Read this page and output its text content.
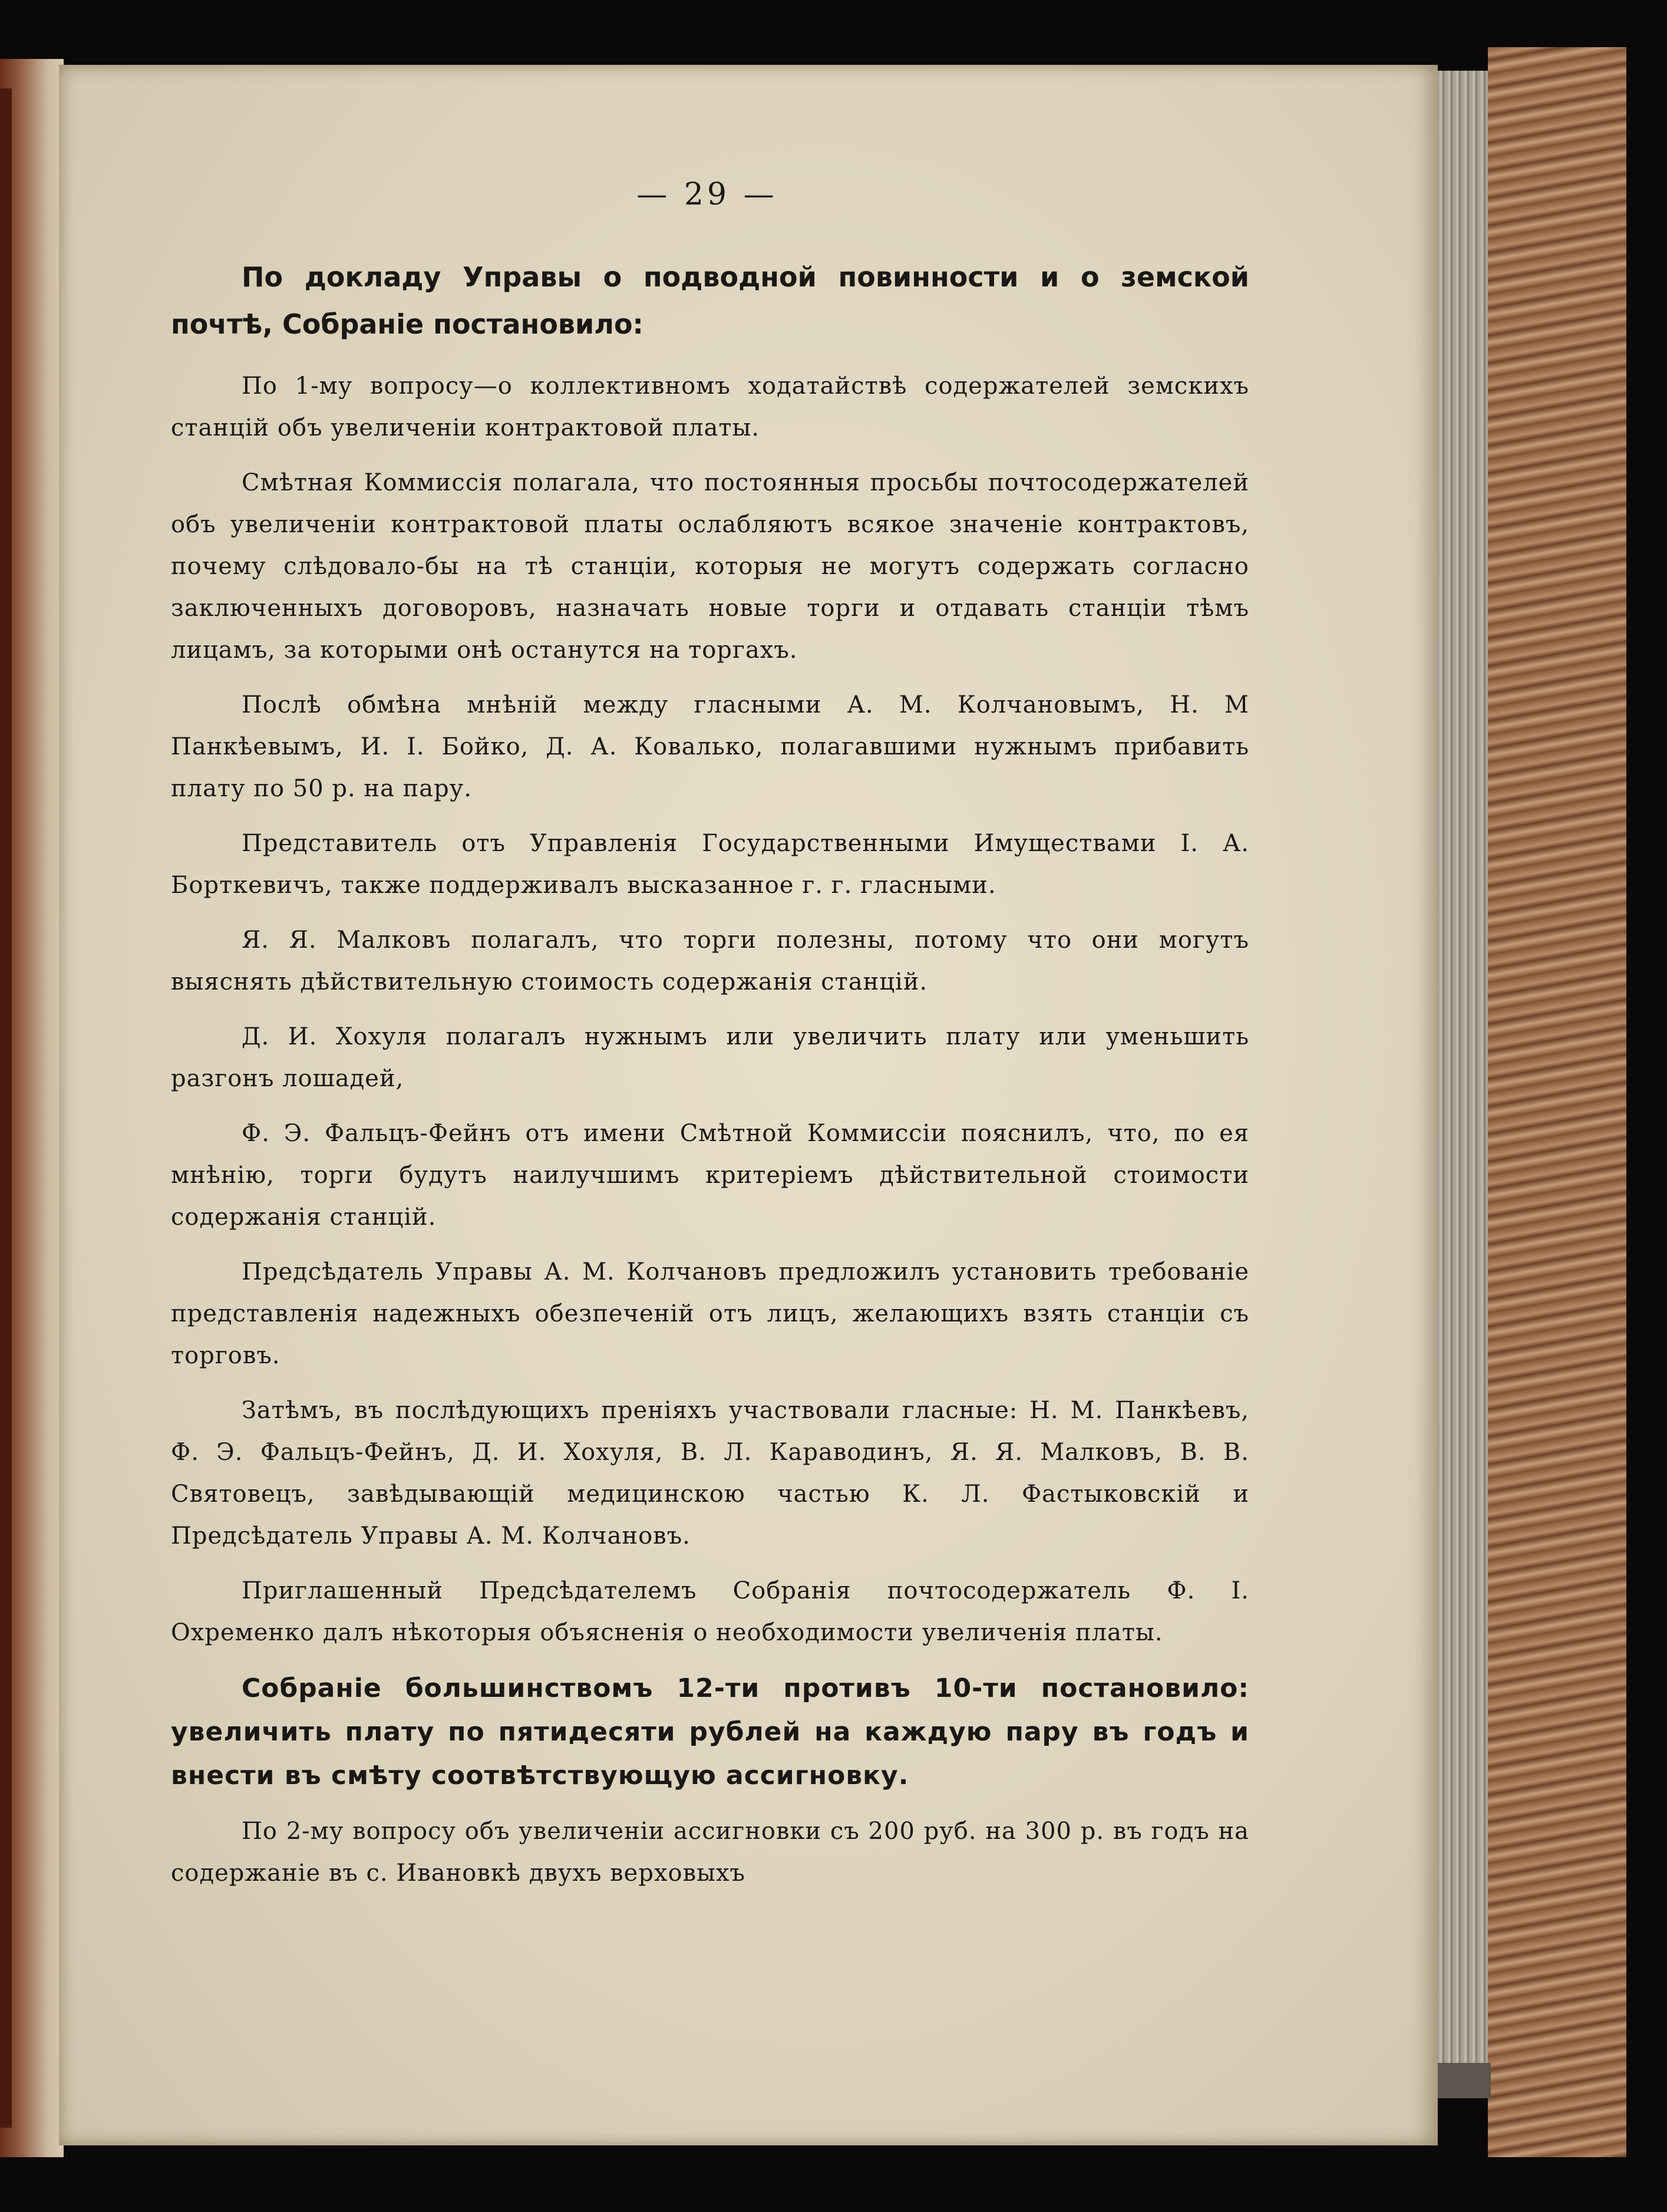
— 29 —
По докладу Управы о подводной повинности и о земской почтѣ, Собраніе постановило:

По 1-му вопросу—о коллективномъ ходатайствѣ содержателей земскихъ станцій объ увеличеніи контрактовой платы.

Смѣтная Коммиссія полагала, что постоянныя просьбы почтосодержателей объ увеличеніи контрактовой платы ослабляютъ всякое значеніе контрактовъ, почему слѣдовало-бы на тѣ станціи, которыя не могутъ содержать согласно заключенныхъ договоровъ, назначать новые торги и отдавать станціи тѣмъ лицамъ, за которыми онѣ останутся на торгахъ.

Послѣ обмѣна мнѣній между гласными А. М. Колчановымъ, Н. М Панкѣевымъ, И. І. Бойко, Д. А. Ковалько, полагавшими нужнымъ прибавить плату по 50 р. на пару.

Представитель отъ Управленія Государственными Имуществами І. А. Борткевичъ, также поддерживалъ высказанное г. г. гласными.

Я. Я. Малковъ полагалъ, что торги полезны, потому что они могутъ выяснять дѣйствительную стоимость содержанія станцій.

Д. И. Хохуля полагалъ нужнымъ или увеличить плату или уменьшить разгонъ лошадей,

Ф. Э. Фальцъ-Фейнъ отъ имени Смѣтной Коммиссіи пояснилъ, что, по ея мнѣнію, торги будутъ наилучшимъ критеріемъ дѣйствительной стоимости содержанія станцій.

Предсѣдатель Управы А. М. Колчановъ предложилъ установить требованіе представленія надежныхъ обезпеченій отъ лицъ, желающихъ взять станціи съ торговъ.

Затѣмъ, въ послѣдующихъ преніяхъ участвовали гласные: Н. М. Панкѣевъ, Ф. Э. Фальцъ-Фейнъ, Д. И. Хохуля, В. Л. Караводинъ, Я. Я. Малковъ, В. В. Святовецъ, завѣдывающій медицинскою частью К. Л. Фастыковскій и Предсѣдатель Управы А. М. Колчановъ.

Приглашенный Предсѣдателемъ Собранія почтосодержатель Ф. І. Охременко далъ нѣкоторыя объясненія о необходимости увеличенія платы.

Собраніе большинствомъ 12-ти противъ 10-ти постановило: увеличить плату по пятидесяти рублей на каждую пару въ годъ и внести въ смѣту соотвѣтствующую ассигновку.

По 2-му вопросу объ увеличеніи ассигновки съ 200 руб. на 300 р. въ годъ на содержаніе въ с. Ивановкѣ двухъ верховыхъ
